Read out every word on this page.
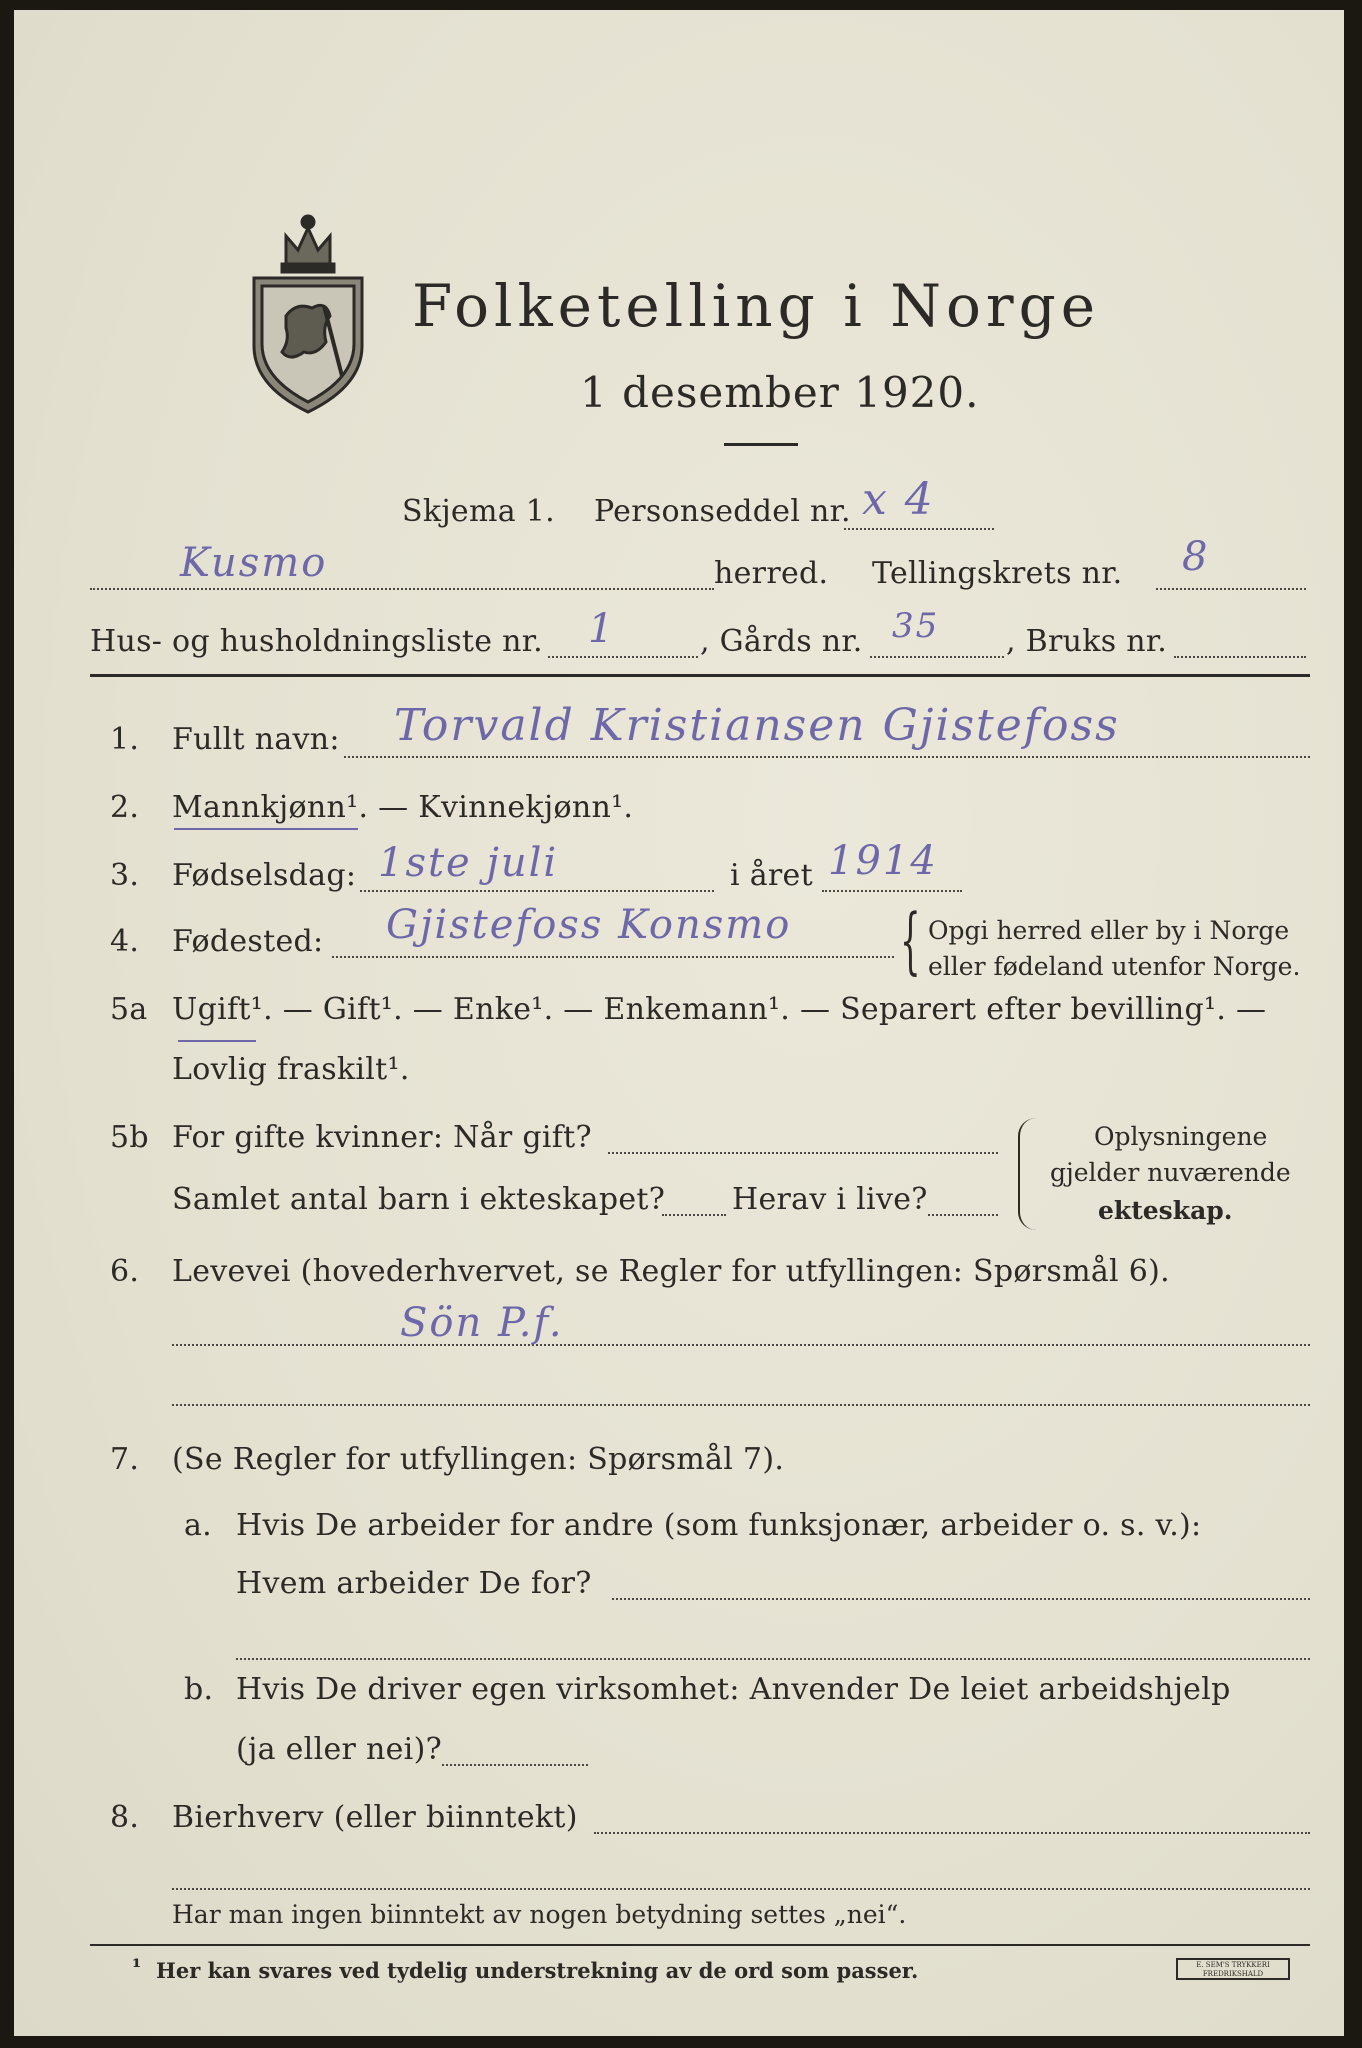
Folketelling i Norge
1 desember 1920.
Skjema 1. Personseddel nr. x 4
Kusmo	herred. Tellingskrets nr. 8
Hus- og husholdningsliste nr. 1	, Gårds nr. 35 , Bruks nr.
1. Fullt navn: Torvald Kristiansen Gjistefoss
2. Mannkjønn¹. — Kvinnekjønn¹.
3. Fødselsdag: 1ste juli	i året 1914
4. Fødested: Gjistefoss Konsmo { Opgi herred eller by i Norge
eller fødeland utenfor Norge.
5a Ugift¹. — Gift¹. — Enke¹. — Enkemann¹. — Separert efter bevilling¹. —
Lovlig fraskilt¹.
5b For gifte kvinner: Når gift?
Samlet antal barn i ekteskapet? Herav i live?
Oplysningene
gjelder nuværende
ekteskap.
6. Levevei (hovederhvervet, se Regler for utfyllingen: Spørsmål 6).
Sön P.f.
7. (Se Regler for utfyllingen: Spørsmål 7).
a. Hvis De arbeider for andre (som funksjonær, arbeider o. s. v.):
Hvem arbeider De for?
b. Hvis De driver egen virksomhet: Anvender De leiet arbeidshjelp
(ja eller nei)?
8. Bierhverv (eller biinntekt)
Har man ingen biinntekt av nogen betydning settes „nei“.
¹ Her kan svares ved tydelig understrekning av de ord som passer.	E. SEM'S TRYKKERI FREDRIKSHALD
